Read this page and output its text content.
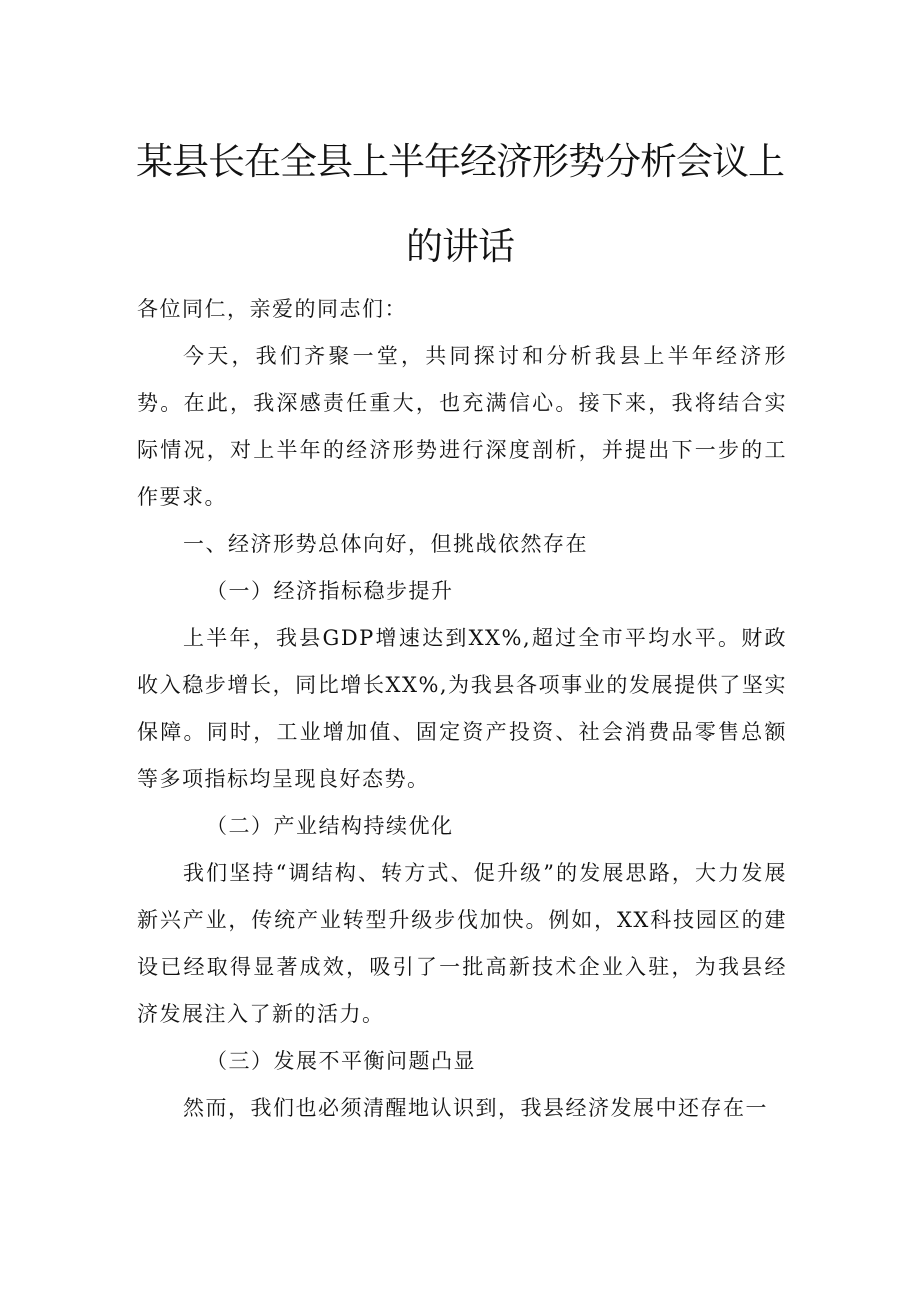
某县长在全县上半年经济形势分析会议上
的讲话

各位同仁，亲爱的同志们：

今天，我们齐聚一堂，共同探讨和分析我县上半年经济形势。在此，我深感责任重大，也充满信心。接下来，我将结合实际情况，对上半年的经济形势进行深度剖析，并提出下一步的工作要求。

一、经济形势总体向好，但挑战依然存在

（一）经济指标稳步提升

上半年，我县GDP增速达到XX%,超过全市平均水平。财政收入稳步增长，同比增长XX%,为我县各项事业的发展提供了坚实保障。同时，工业增加值、固定资产投资、社会消费品零售总额等多项指标均呈现良好态势。

（二）产业结构持续优化

我们坚持“调结构、转方式、促升级”的发展思路，大力发展新兴产业，传统产业转型升级步伐加快。例如，XX科技园区的建设已经取得显著成效，吸引了一批高新技术企业入驻，为我县经济发展注入了新的活力。

（三）发展不平衡问题凸显

然而，我们也必须清醒地认识到，我县经济发展中还存在一
